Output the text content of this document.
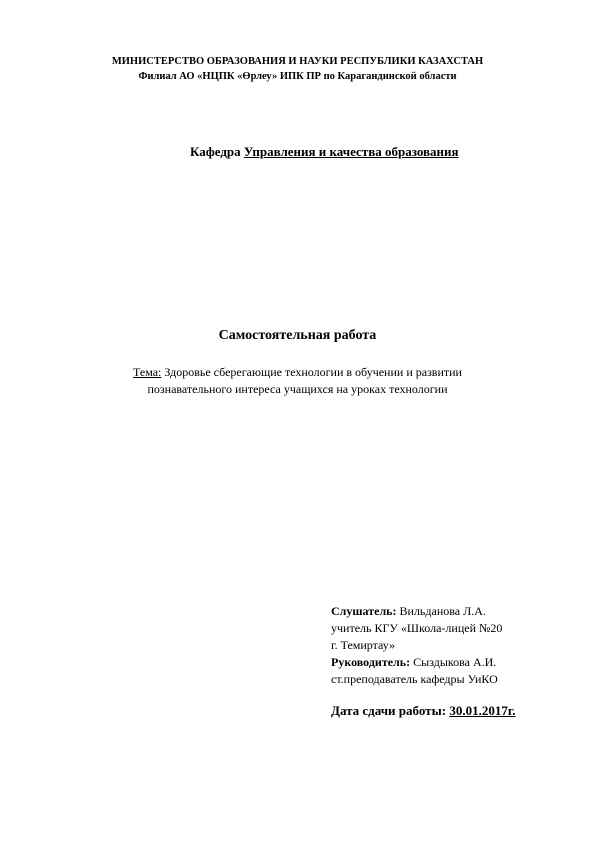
МИНИСТЕРСТВО ОБРАЗОВАНИЯ И НАУКИ РЕСПУБЛИКИ КАЗАХСТАН
Филиал АО «НЦПК «Өрлеу» ИПК ПР по Карагандинской области
Кафедра Управления и качества образования
Самостоятельная работа
Тема: Здоровье сберегающие технологии в обучении и развитии
познавательного интереса учащихся на уроках технологии
Слушатель: Вильданова Л.А.
учитель КГУ «Школа-лицей №20
г. Темиртау»
Руководитель: Сыздыкова А.И.
ст.преподаватель кафедры УиКО
Дата сдачи работы: 30.01.2017г.
